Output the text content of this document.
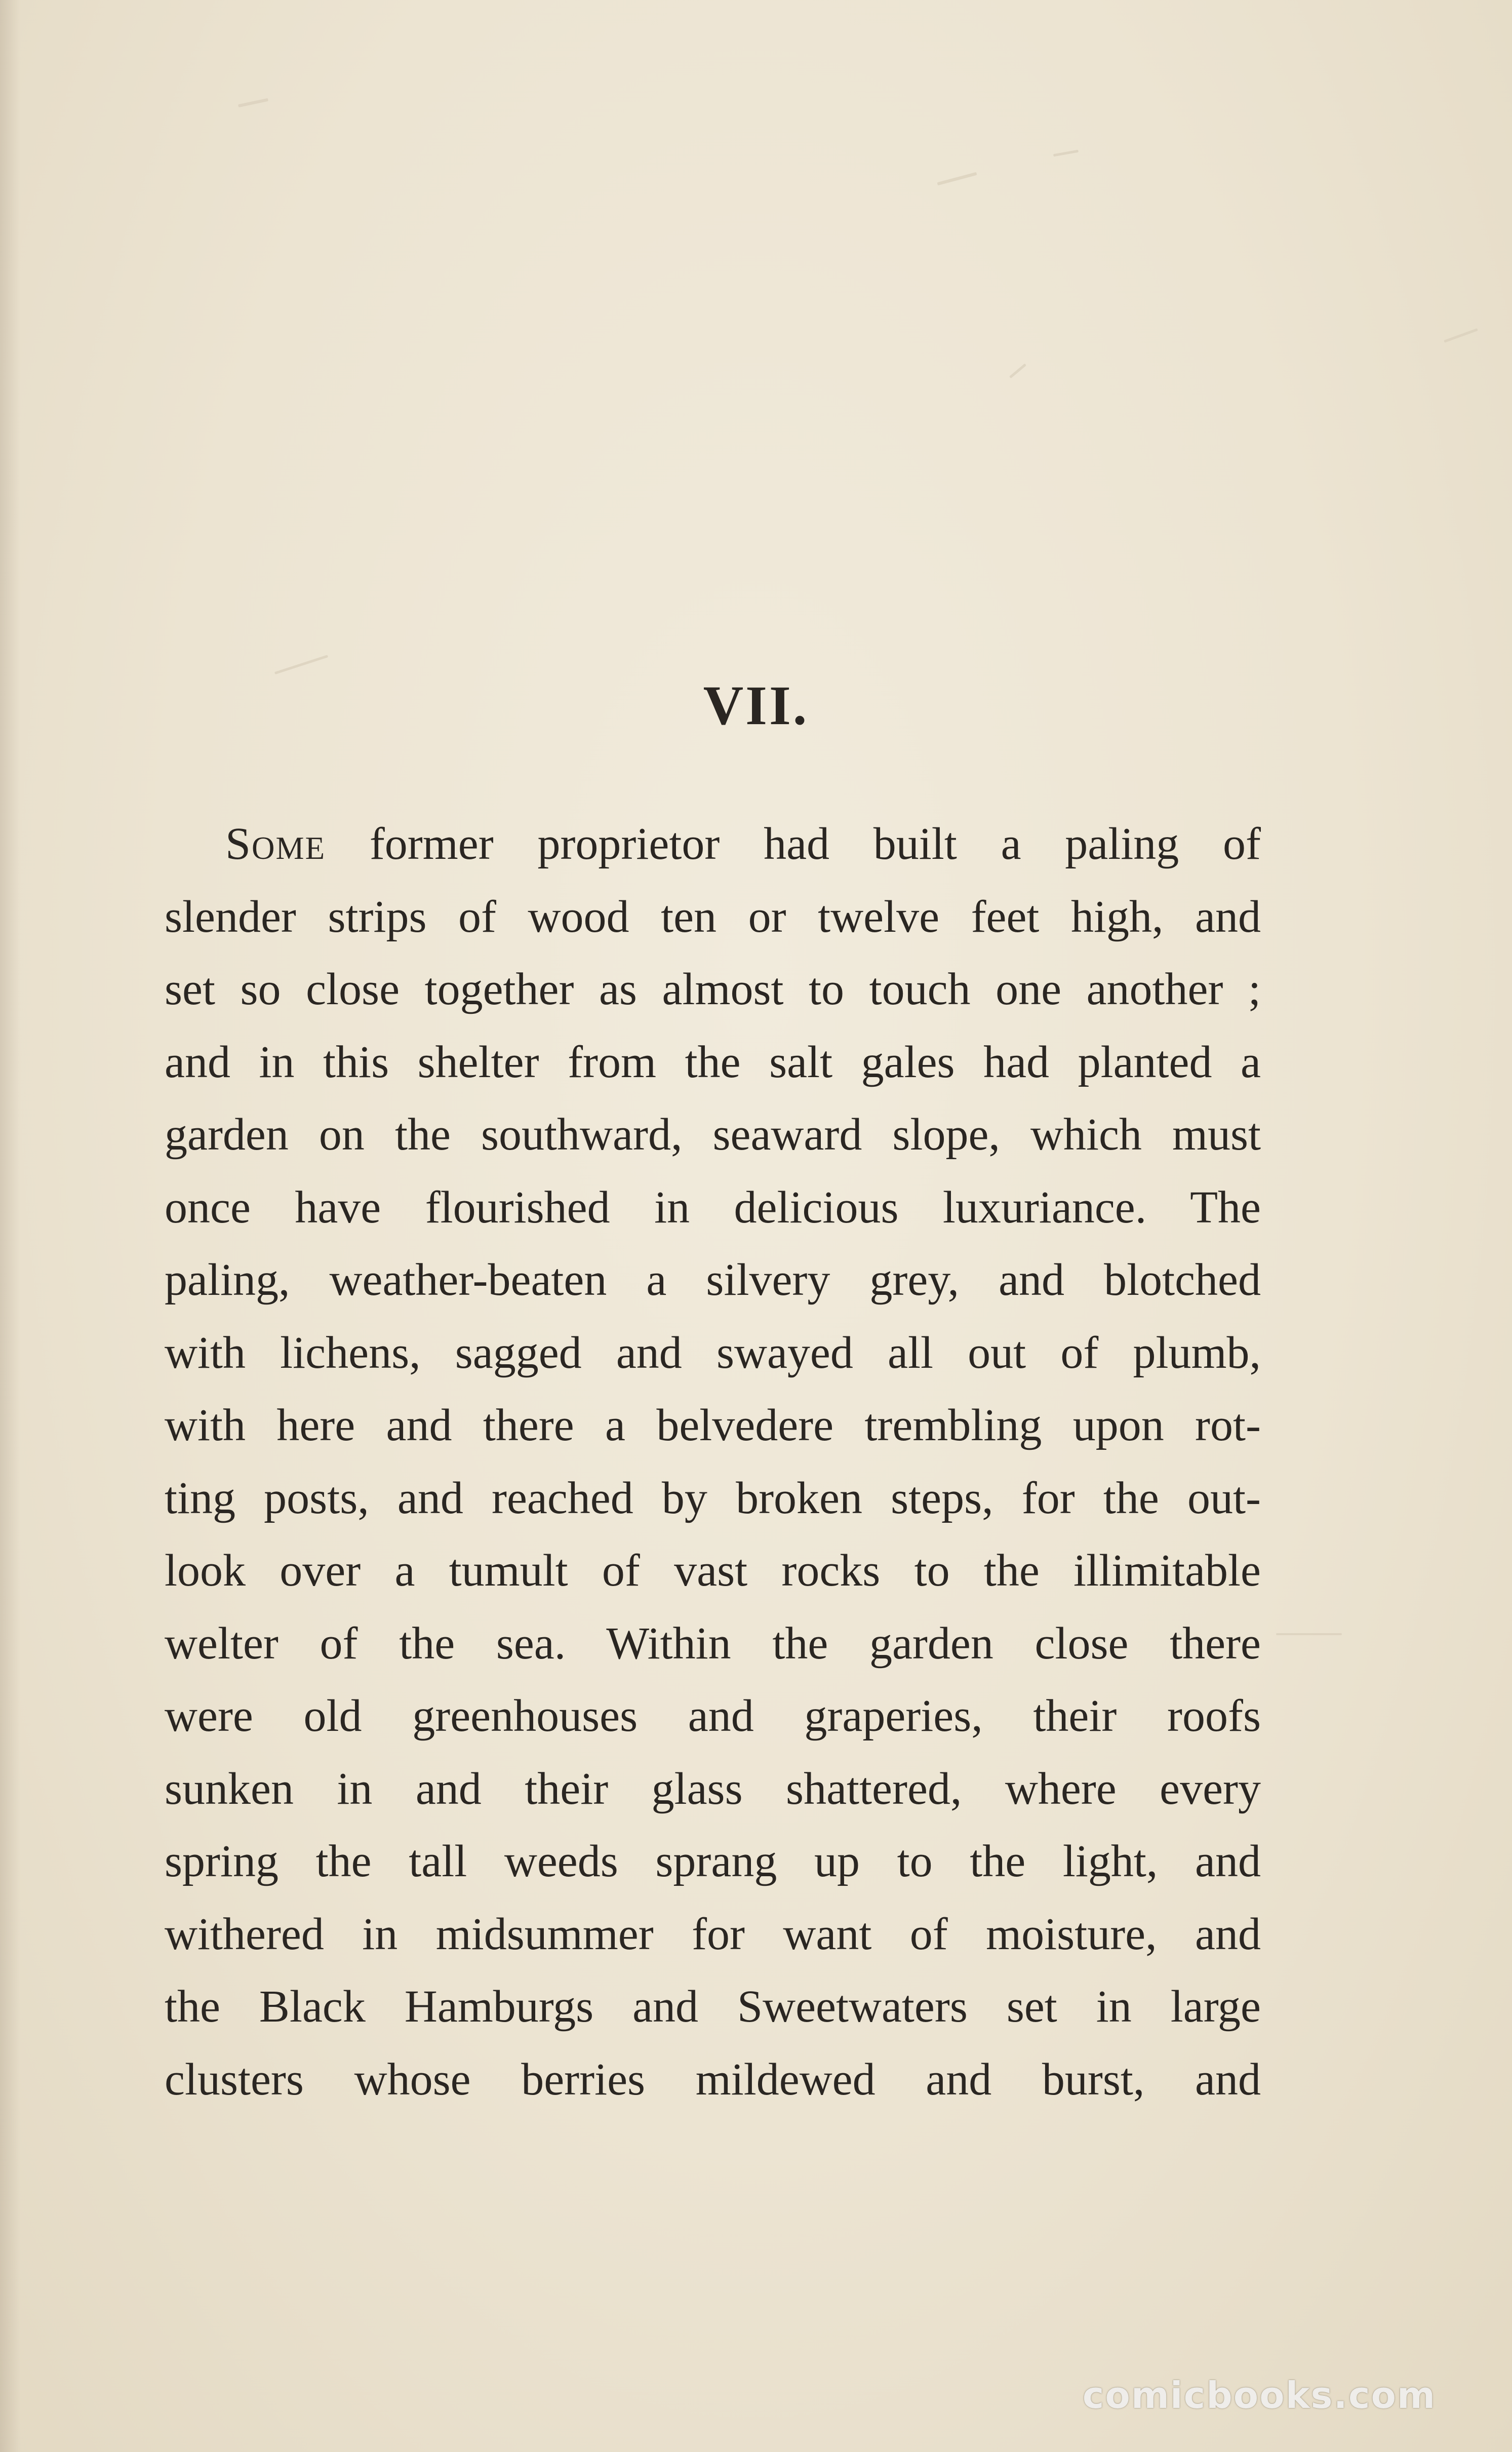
VII.
Some former proprietor had built a paling of
slender strips of wood ten or twelve feet high, and
set so close together as almost to touch one another ;
and in this shelter from the salt gales had planted a
garden on the southward, seaward slope, which must
once have flourished in delicious luxuriance. The
paling, weather-beaten a silvery grey, and blotched
with lichens, sagged and swayed all out of plumb,
with here and there a belvedere trembling upon rot-
ting posts, and reached by broken steps, for the out-
look over a tumult of vast rocks to the illimitable
welter of the sea. Within the garden close there
were old greenhouses and graperies, their roofs
sunken in and their glass shattered, where every
spring the tall weeds sprang up to the light, and
withered in midsummer for want of moisture, and
the Black Hamburgs and Sweetwaters set in large
clusters whose berries mildewed and burst, and
comicbooks.com
